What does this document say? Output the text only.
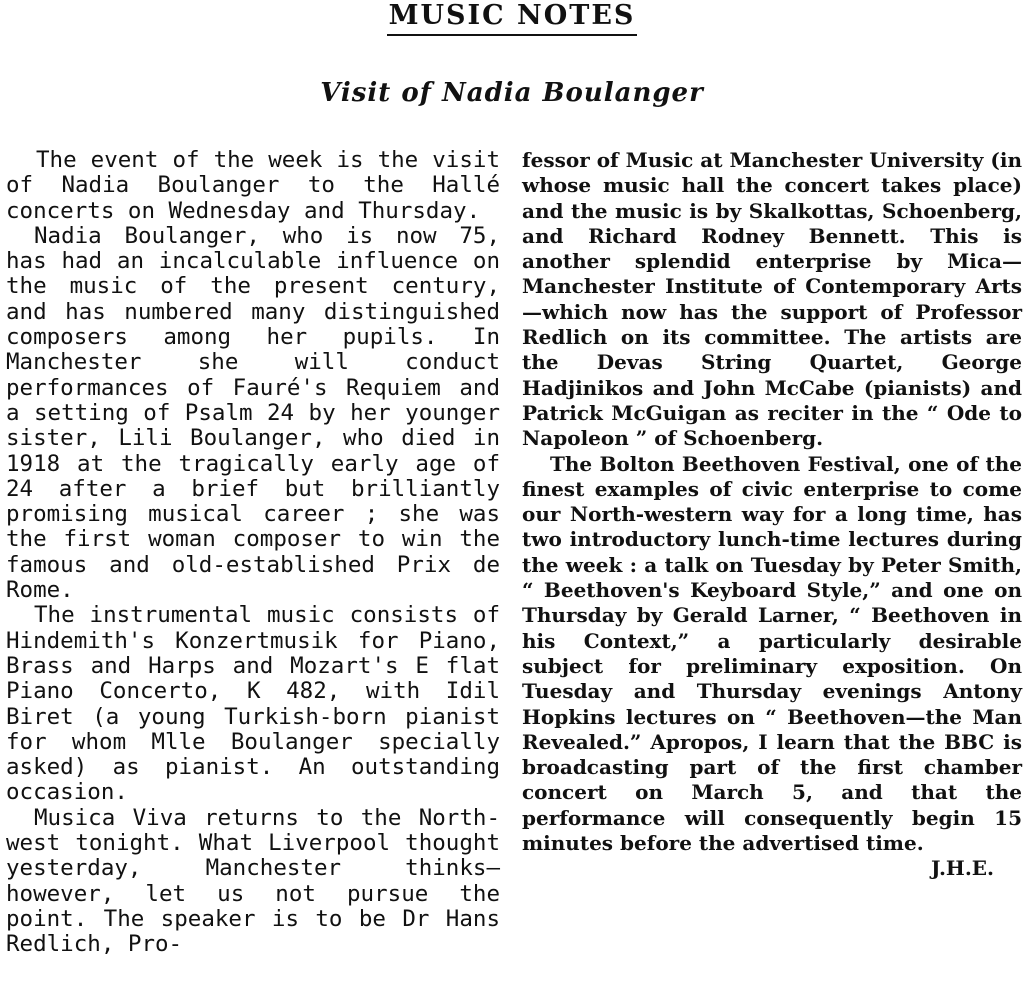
MUSIC NOTES
Visit of Nadia Boulanger

The event of the week is the visit of Nadia Boulanger to the Hallé concerts on Wednesday and Thursday.

Nadia Boulanger, who is now 75, has had an incalculable influence on the music of the present century, and has numbered many distinguished composers among her pupils. In Manchester she will conduct performances of Fauré's Requiem and a setting of Psalm 24 by her younger sister, Lili Boulanger, who died in 1918 at the tragically early age of 24 after a brief but brilliantly promising musical career ; she was the first woman composer to win the famous and old-established Prix de Rome.

The instrumental music consists of Hindemith's Konzertmusik for Piano, Brass and Harps and Mozart's E flat Piano Concerto, K 482, with Idil Biret (a young Turkish-born pianist for whom Mlle Boulanger specially asked) as pianist. An outstanding occasion.

Musica Viva returns to the North-west tonight. What Liverpool thought yesterday, Manchester thinks—however, let us not pursue the point. The speaker is to be Dr Hans Redlich, Pro-

fessor of Music at Manchester University (in whose music hall the concert takes place) and the music is by Skalkottas, Schoenberg, and Richard Rodney Bennett. This is another splendid enterprise by Mica—Manchester Institute of Contemporary Arts —which now has the support of Professor Redlich on its committee. The artists are the Devas String Quartet, George Hadjinikos and John McCabe (pianists) and Patrick McGuigan as reciter in the “ Ode to Napoleon ” of Schoenberg.

The Bolton Beethoven Festival, one of the finest examples of civic enterprise to come our North-western way for a long time, has two introductory lunch-time lectures during the week : a talk on Tuesday by Peter Smith, “ Beethoven's Keyboard Style,” and one on Thursday by Gerald Larner, “ Beethoven in his Context,” a particularly desirable subject for preliminary exposition. On Tuesday and Thursday evenings Antony Hopkins lectures on “ Beethoven—the Man Revealed.” Apropos, I learn that the BBC is broadcasting part of the first chamber concert on March 5, and that the performance will consequently begin 15 minutes before the advertised time.
J.H.E.
